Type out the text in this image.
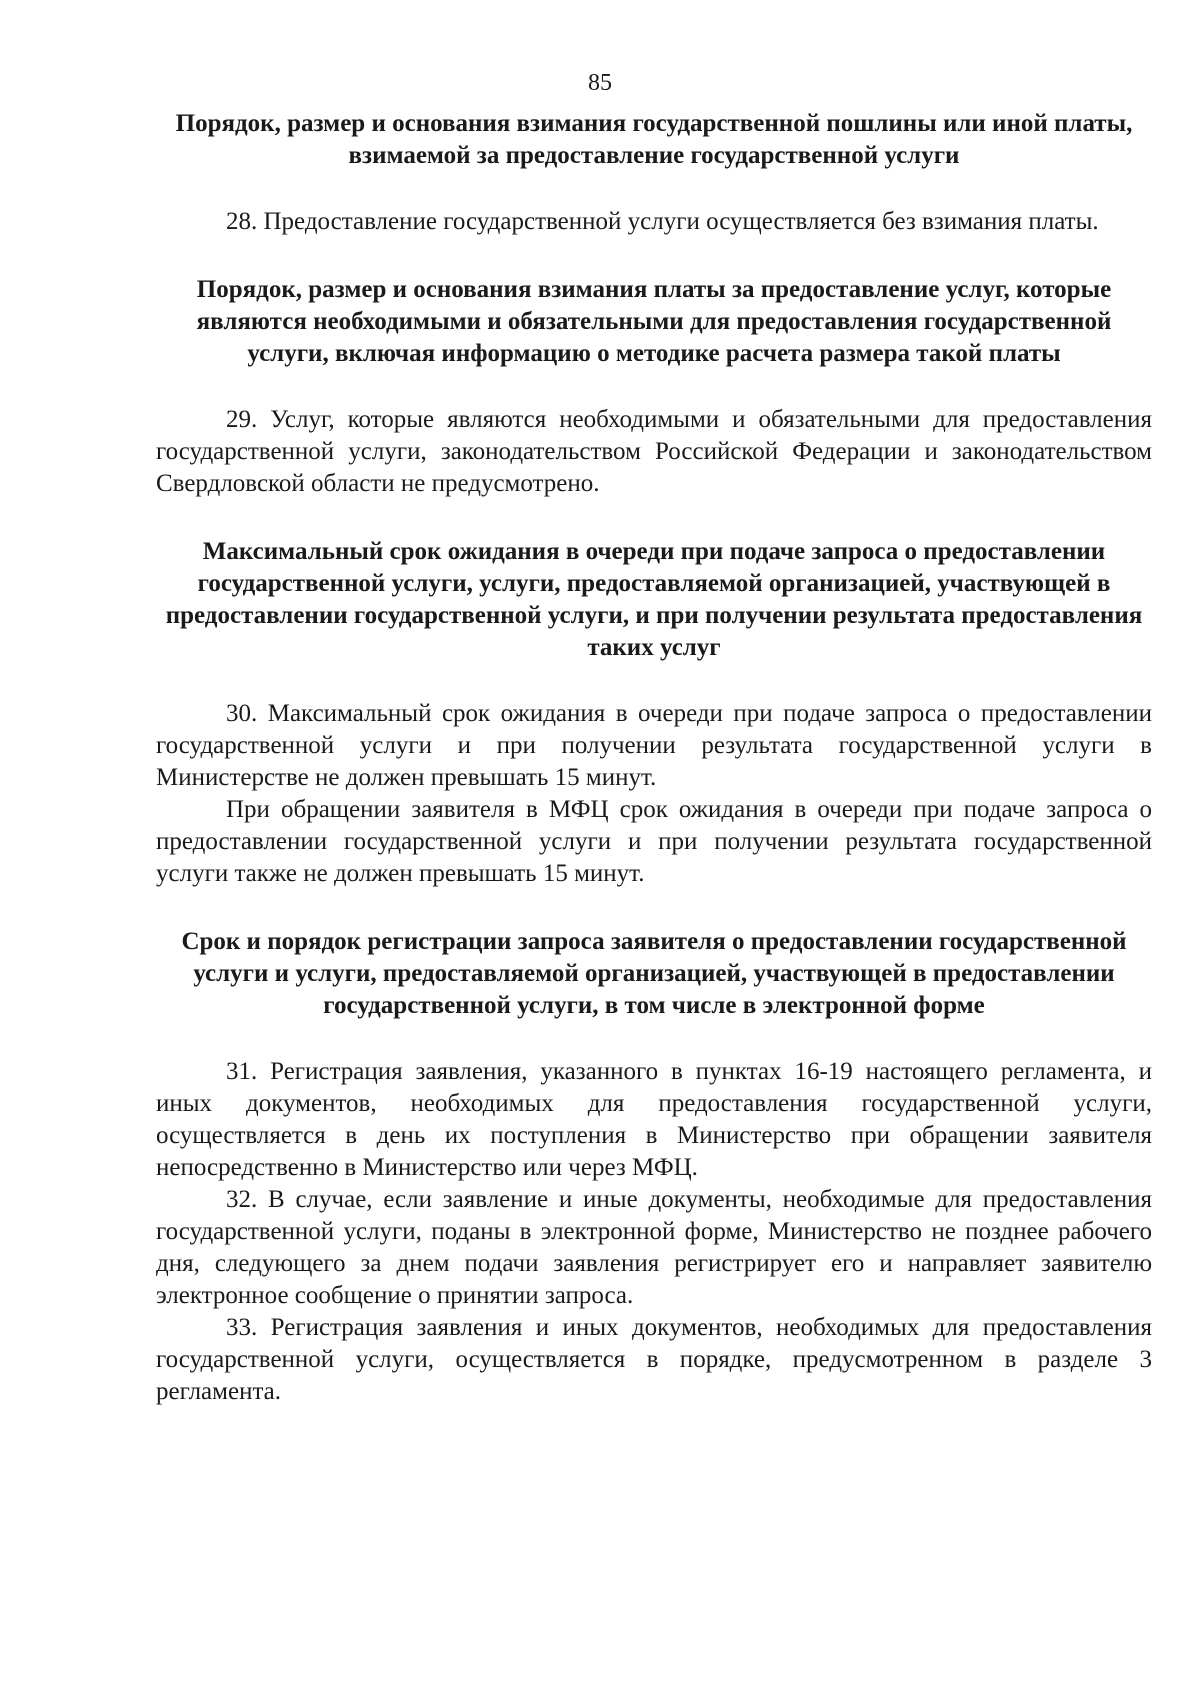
85

Порядок, размер и основания взимания государственной пошлины или иной платы, взимаемой за предоставление государственной услуги

28. Предоставление государственной услуги осуществляется без взимания платы.

Порядок, размер и основания взимания платы за предоставление услуг, которые являются необходимыми и обязательными для предоставления государственной услуги, включая информацию о методике расчета размера такой платы

29. Услуг, которые являются необходимыми и обязательными для предоставления государственной услуги, законодательством Российской Федерации и законодательством Свердловской области не предусмотрено.

Максимальный срок ожидания в очереди при подаче запроса о предоставлении государственной услуги, услуги, предоставляемой организацией, участвующей в предоставлении государственной услуги, и при получении результата предоставления таких услуг

30. Максимальный срок ожидания в очереди при подаче запроса о предоставлении государственной услуги и при получении результата государственной услуги в Министерстве не должен превышать 15 минут.

При обращении заявителя в МФЦ срок ожидания в очереди при подаче запроса о предоставлении государственной услуги и при получении результата государственной услуги также не должен превышать 15 минут.

Срок и порядок регистрации запроса заявителя о предоставлении государственной услуги и услуги, предоставляемой организацией, участвующей в предоставлении государственной услуги, в том числе в электронной форме

31. Регистрация заявления, указанного в пунктах 16-19 настоящего регламента, и иных документов, необходимых для предоставления государственной услуги, осуществляется в день их поступления в Министерство при обращении заявителя непосредственно в Министерство или через МФЦ.

32. В случае, если заявление и иные документы, необходимые для предоставления государственной услуги, поданы в электронной форме, Министерство не позднее рабочего дня, следующего за днем подачи заявления регистрирует его и направляет заявителю электронное сообщение о принятии запроса.

33. Регистрация заявления и иных документов, необходимых для предоставления государственной услуги, осуществляется в порядке, предусмотренном в разделе 3 регламента.
